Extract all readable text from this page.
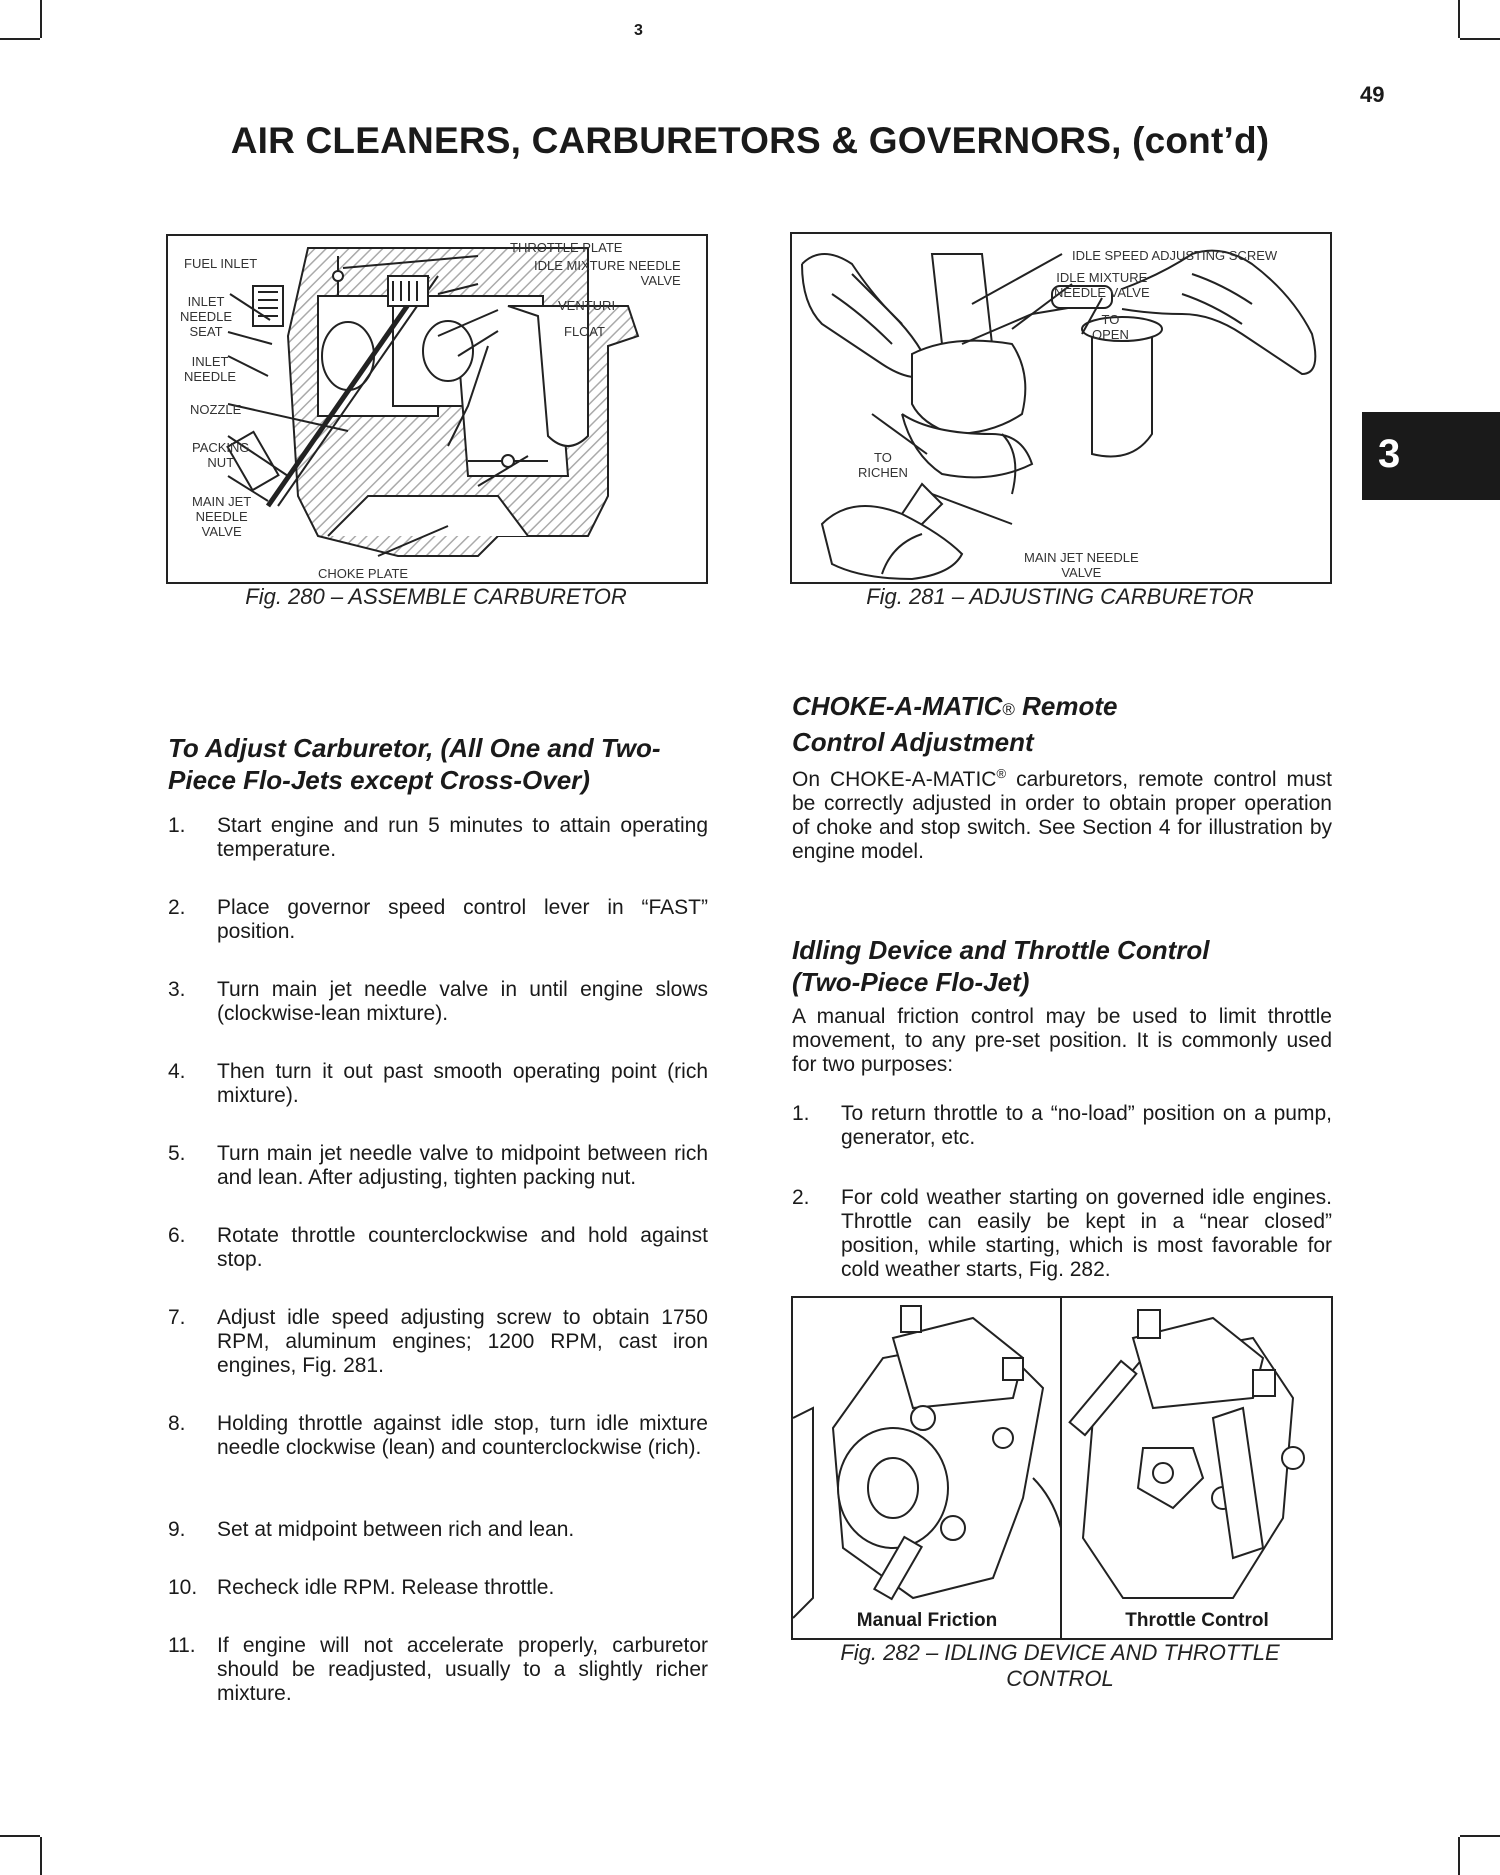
3
49
AIR CLEANERS, CARBURETORS & GOVERNORS, (cont’d)
3
FUEL INLET
INLET
NEEDLE
SEAT
INLET
NEEDLE
NOZZLE
PACKING
NUT
MAIN JET
NEEDLE
VALVE
CHOKE PLATE
THROTTLE PLATE
IDLE MIXTURE NEEDLE
VALVE
VENTURI
FLOAT
Fig. 280 – ASSEMBLE CARBURETOR
IDLE SPEED ADJUSTING SCREW
IDLE MIXTURE
NEEDLE VALVE
TO
OPEN
TO
RICHEN
MAIN JET NEEDLE
VALVE
Fig. 281 – ADJUSTING CARBURETOR
To Adjust Carburetor, (All One and Two-Piece Flo-Jets except Cross-Over)
1. Start engine and run 5 minutes to attain operating temperature.
2. Place governor speed control lever in “FAST” position.
3. Turn main jet needle valve in until engine slows (clockwise-lean mixture).
4. Then turn it out past smooth operating point (rich mixture).
5. Turn main jet needle valve to midpoint between rich and lean. After adjusting, tighten packing nut.
6. Rotate throttle counterclockwise and hold against stop.
7. Adjust idle speed adjusting screw to obtain 1750 RPM, aluminum engines; 1200 RPM, cast iron engines, Fig. 281.
8. Holding throttle against idle stop, turn idle mixture needle clockwise (lean) and counterclockwise (rich).
9. Set at midpoint between rich and lean.
10. Recheck idle RPM. Release throttle.
11. If engine will not accelerate properly, carburetor should be readjusted, usually to a slightly richer mixture.
CHOKE-A-MATIC® Remote
Control Adjustment

On CHOKE-A-MATIC® carburetors, remote control must be correctly adjusted in order to obtain proper operation of choke and stop switch. See Section 4 for illustration by engine model.

Idling Device and Throttle Control
(Two-Piece Flo-Jet)

A manual friction control may be used to limit throttle movement, to any pre-set position. It is commonly used for two purposes:

1. To return throttle to a “no-load” position on a pump, generator, etc.
2. For cold weather starting on governed idle engines. Throttle can easily be kept in a “near closed” position, while starting, which is most favorable for cold weather starts, Fig. 282.
Manual Friction	Throttle Control
Fig. 282 – IDLING DEVICE AND THROTTLE
CONTROL
